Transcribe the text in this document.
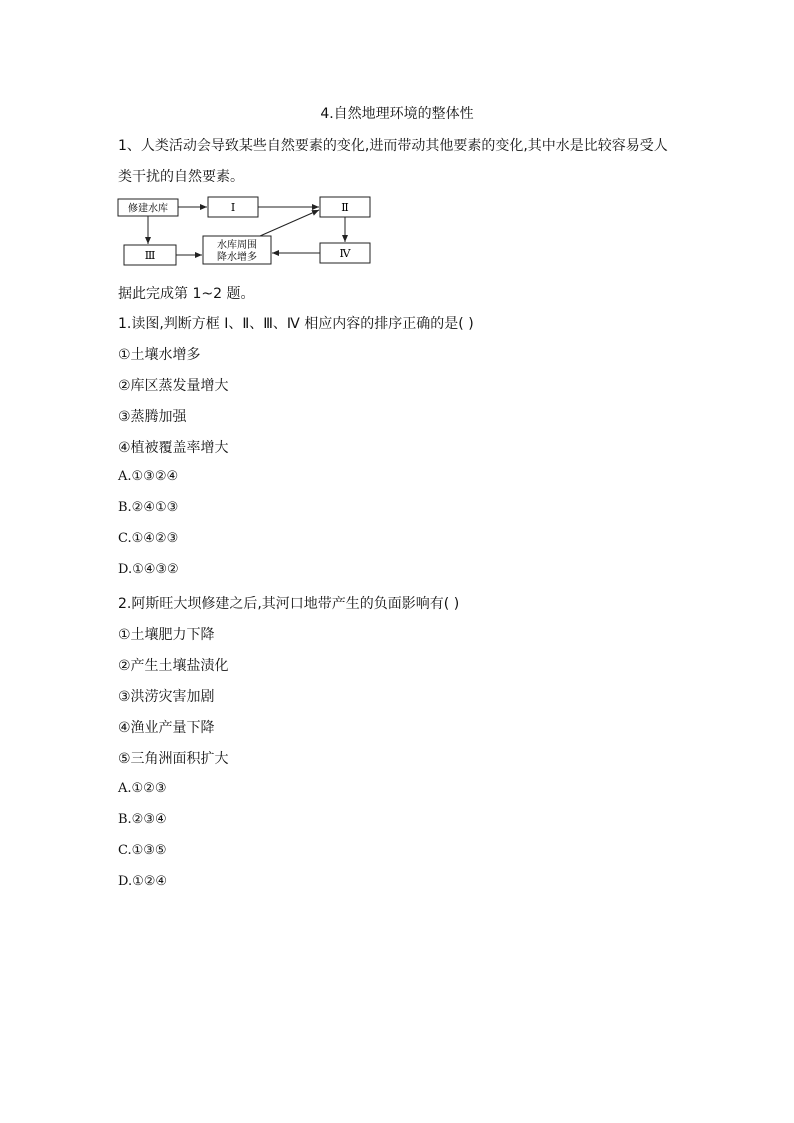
4.自然地理环境的整体性
1、人类活动会导致某些自然要素的变化,进而带动其他要素的变化,其中水是比较容易受人
类干扰的自然要素。
修建水库	Ⅰ	Ⅱ
Ⅲ
水库周围
降水增多	Ⅳ
据此完成第 1~2 题。
1.读图,判断方框 Ⅰ、Ⅱ、Ⅲ、Ⅳ 相应内容的排序正确的是( )
①土壤水增多
②库区蒸发量增大
③蒸腾加强
④植被覆盖率增大
A.①③②④
B.②④①③
C.①④②③
D.①④③②
2.阿斯旺大坝修建之后,其河口地带产生的负面影响有( )
①土壤肥力下降
②产生土壤盐渍化
③洪涝灾害加剧
④渔业产量下降
⑤三角洲面积扩大
A.①②③
B.②③④
C.①③⑤
D.①②④
